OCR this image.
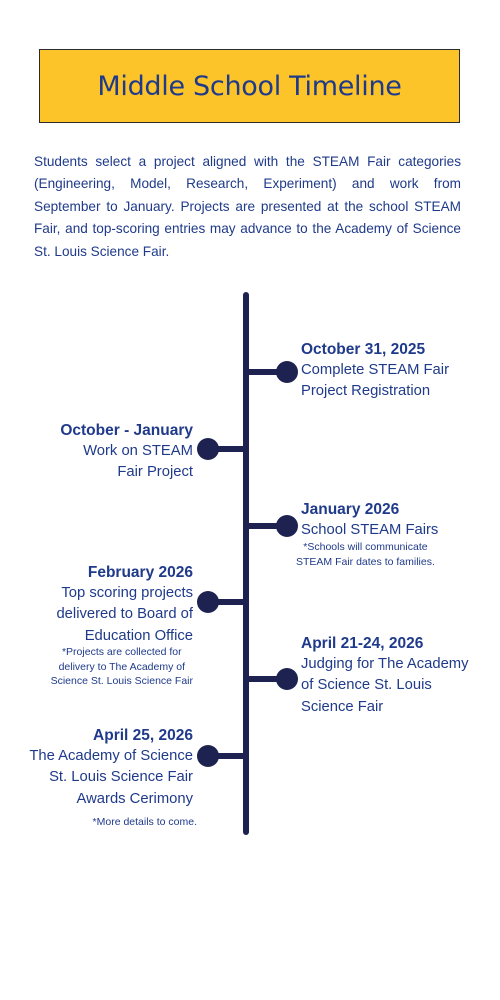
Middle School Timeline

Students select a project aligned with the STEAM Fair categories (Engineering, Model, Research, Experiment) and work from September to January. Projects are presented at the school STEAM Fair, and top-scoring entries may advance to the Academy of Science St. Louis Science Fair.

October 31, 2025
Complete STEAM Fair
Project Registration
October - January
Work on STEAM
Fair Project
January 2026
School STEAM Fairs
*Schools will communicate
STEAM Fair dates to families.
February 2026
Top scoring projects
delivered to Board of
Education Office
*Projects are collected for
delivery to The Academy of
Science St. Louis Science Fair
April 21-24, 2026
Judging for The Academy
of Science St. Louis
Science Fair
April 25, 2026
The Academy of Science
St. Louis Science Fair
Awards Cerimony
*More details to come.
